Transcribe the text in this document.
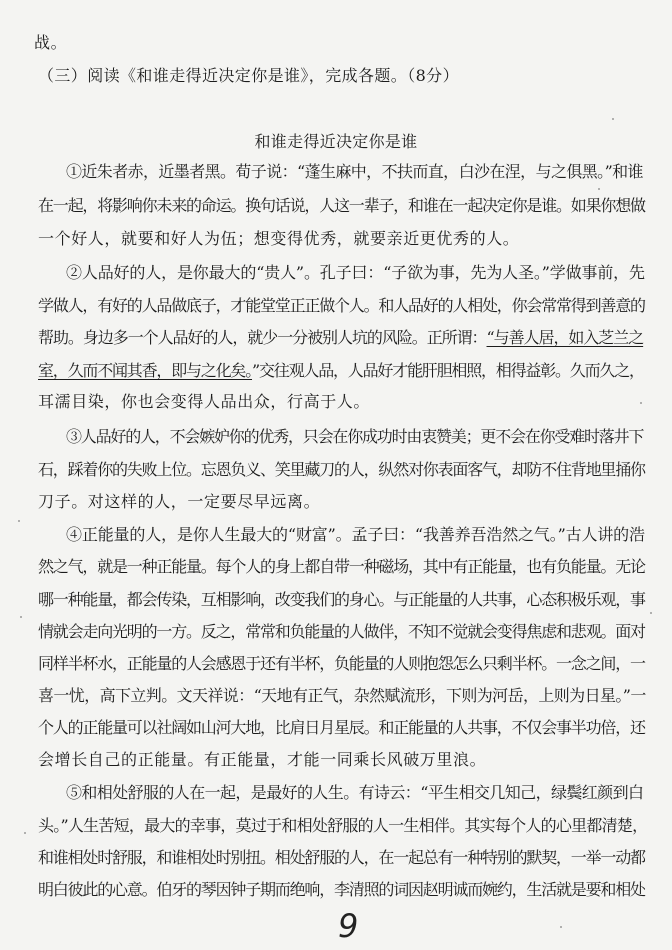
战。
（三）阅读《和谁走得近决定你是谁》，完成各题。（8分）
和谁走得近决定你是谁
①近朱者赤，近墨者黑。荀子说：“蓬生麻中，不扶而直，白沙在涅，与之俱黑。”和谁
在一起，将影响你未来的命运。换句话说，人这一辈子，和谁在一起决定你是谁。如果你想做
一个好人，就要和好人为伍；想变得优秀，就要亲近更优秀的人。
②人品好的人，是你最大的“贵人”。孔子曰：“子欲为事，先为人圣。”学做事前，先
学做人，有好的人品做底子，才能堂堂正正做个人。和人品好的人相处，你会常常得到善意的
帮助。身边多一个人品好的人，就少一分被别人坑的风险。正所谓：“与善人居，如入芝兰之
室，久而不闻其香，即与之化矣。”交往观人品，人品好才能肝胆相照，相得益彰。久而久之，
耳濡目染，你也会变得人品出众，行高于人。
③人品好的人，不会嫉妒你的优秀，只会在你成功时由衷赞美；更不会在你受难时落井下
石，踩着你的失败上位。忘恩负义、笑里藏刀的人，纵然对你表面客气，却防不住背地里捅你
刀子。对这样的人，一定要尽早远离。
④正能量的人，是你人生最大的“财富”。孟子曰：“我善养吾浩然之气。”古人讲的浩
然之气，就是一种正能量。每个人的身上都自带一种磁场，其中有正能量，也有负能量。无论
哪一种能量，都会传染，互相影响，改变我们的身心。与正能量的人共事，心态积极乐观，事
情就会走向光明的一方。反之，常常和负能量的人做伴，不知不觉就会变得焦虑和悲观。面对
同样半杯水，正能量的人会感恩于还有半杯，负能量的人则抱怨怎么只剩半杯。一念之间，一
喜一忧，高下立判。文天祥说：“天地有正气，杂然赋流形，下则为河岳，上则为日星。”一
个人的正能量可以社阔如山河大地，比肩日月星辰。和正能量的人共事，不仅会事半功倍，还
会增长自己的正能量。有正能量，才能一同乘长风破万里浪。
⑤和相处舒服的人在一起，是最好的人生。有诗云：“平生相交几知己，绿鬓红颜到白
头。”人生苦短，最大的幸事，莫过于和相处舒服的人一生相伴。其实每个人的心里都清楚，
和谁相处时舒服，和谁相处时别扭。相处舒服的人，在一起总有一种特别的默契，一举一动都
明白彼此的心意。伯牙的琴因钟子期而绝响，李清照的词因赵明诚而婉约，生活就是要和相处
9
